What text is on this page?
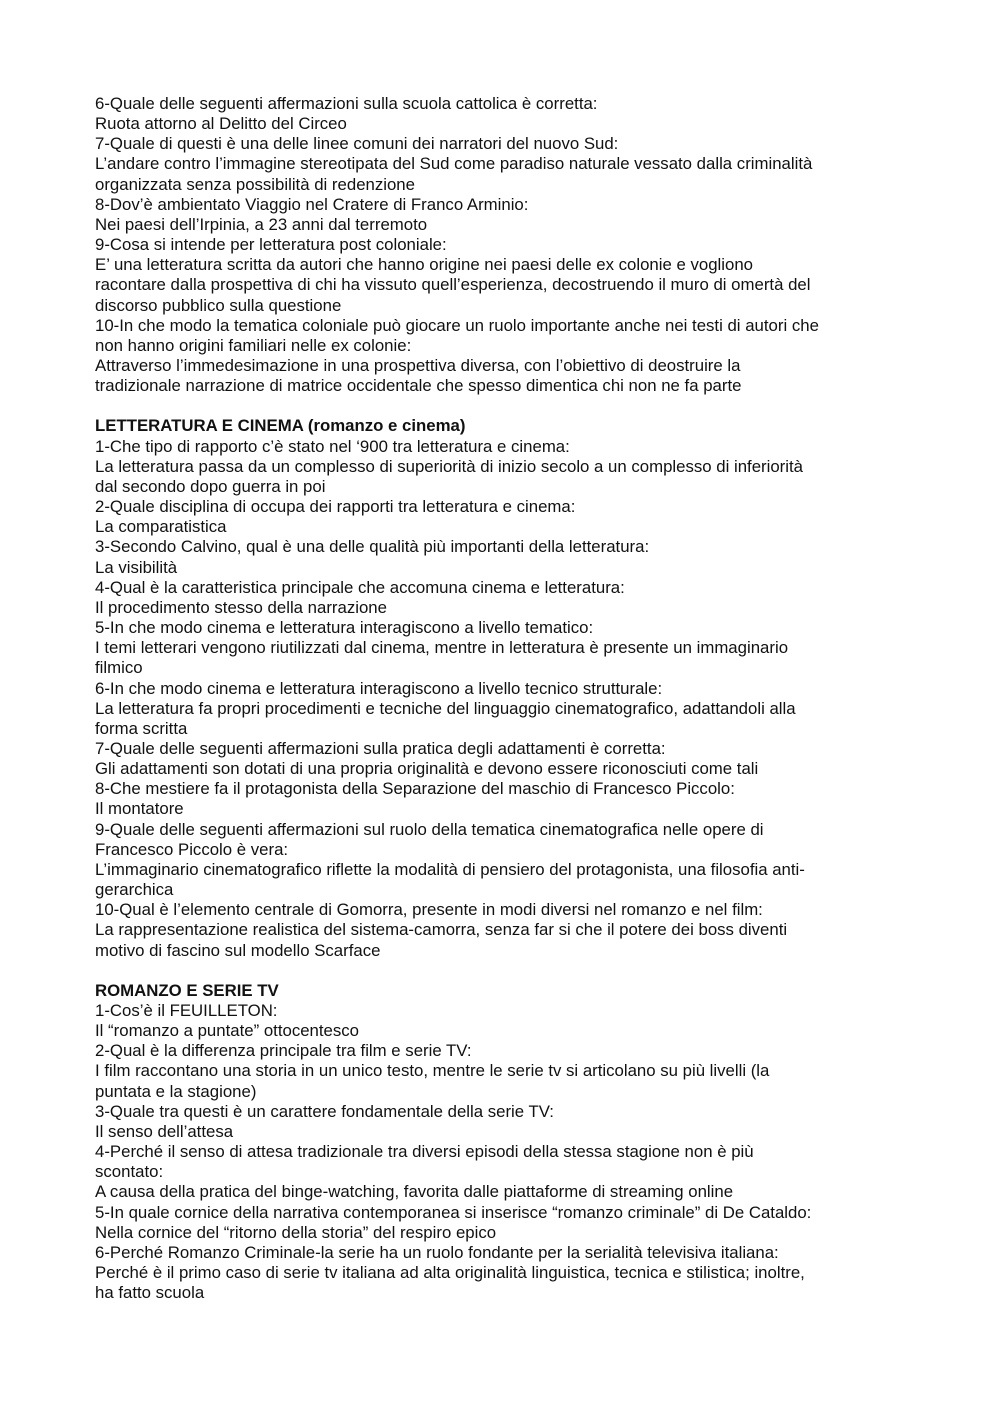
6-Quale delle seguenti affermazioni sulla scuola cattolica è corretta:
Ruota attorno al Delitto del Circeo
7-Quale di questi è una delle linee comuni dei narratori del nuovo Sud:
L’andare contro l’immagine stereotipata del Sud come paradiso naturale vessato dalla criminalità
organizzata senza possibilità di redenzione
8-Dov’è ambientato Viaggio nel Cratere di Franco Arminio:
Nei paesi dell’Irpinia, a 23 anni dal terremoto
9-Cosa si intende per letteratura post coloniale:
E’ una letteratura scritta da autori che hanno origine nei paesi delle ex colonie e vogliono
racontare dalla prospettiva di chi ha vissuto quell’esperienza, decostruendo il muro di omertà del
discorso pubblico sulla questione
10-In che modo la tematica coloniale può giocare un ruolo importante anche nei testi di autori che
non hanno origini familiari nelle ex colonie:
Attraverso l’immedesimazione in una prospettiva diversa, con l’obiettivo di deostruire la
tradizionale narrazione di matrice occidentale che spesso dimentica chi non ne fa parte
LETTERATURA E CINEMA (romanzo e cinema)
1-Che tipo di rapporto c’è stato nel ‘900 tra letteratura e cinema:
La letteratura passa da un complesso di superiorità di inizio secolo a un complesso di inferiorità
dal secondo dopo guerra in poi
2-Quale disciplina di occupa dei rapporti tra letteratura e cinema:
La comparatistica
3-Secondo Calvino, qual è una delle qualità più importanti della letteratura:
La visibilità
4-Qual è la caratteristica principale che accomuna cinema e letteratura:
Il procedimento stesso della narrazione
5-In che modo cinema e letteratura interagiscono a livello tematico:
I temi letterari vengono riutilizzati dal cinema, mentre in letteratura è presente un immaginario
filmico
6-In che modo cinema e letteratura interagiscono a livello tecnico strutturale:
La letteratura fa propri procedimenti e tecniche del linguaggio cinematografico, adattandoli alla
forma scritta
7-Quale delle seguenti affermazioni sulla pratica degli adattamenti è corretta:
Gli adattamenti son dotati di una propria originalità e devono essere riconosciuti come tali
8-Che mestiere fa il protagonista della Separazione del maschio di Francesco Piccolo:
Il montatore
9-Quale delle seguenti affermazioni sul ruolo della tematica cinematografica nelle opere di
Francesco Piccolo è vera:
L’immaginario cinematografico riflette la modalità di pensiero del protagonista, una filosofia anti-
gerarchica
10-Qual è l’elemento centrale di Gomorra, presente in modi diversi nel romanzo e nel film:
La rappresentazione realistica del sistema-camorra, senza far si che il potere dei boss diventi
motivo di fascino sul modello Scarface
ROMANZO E SERIE TV
1-Cos’è il FEUILLETON:
Il “romanzo a puntate” ottocentesco
2-Qual è la differenza principale tra film e serie TV:
I film raccontano una storia in un unico testo, mentre le serie tv si articolano su più livelli (la
puntata e la stagione)
3-Quale tra questi è un carattere fondamentale della serie TV:
Il senso dell’attesa
4-Perché il senso di attesa tradizionale tra diversi episodi della stessa stagione non è più
scontato:
A causa della pratica del binge-watching, favorita dalle piattaforme di streaming online
5-In quale cornice della narrativa contemporanea si inserisce “romanzo criminale” di De Cataldo:
Nella cornice del “ritorno della storia” del respiro epico
6-Perché Romanzo Criminale-la serie ha un ruolo fondante per la serialità televisiva italiana:
Perché è il primo caso di serie tv italiana ad alta originalità linguistica, tecnica e stilistica; inoltre,
ha fatto scuola
